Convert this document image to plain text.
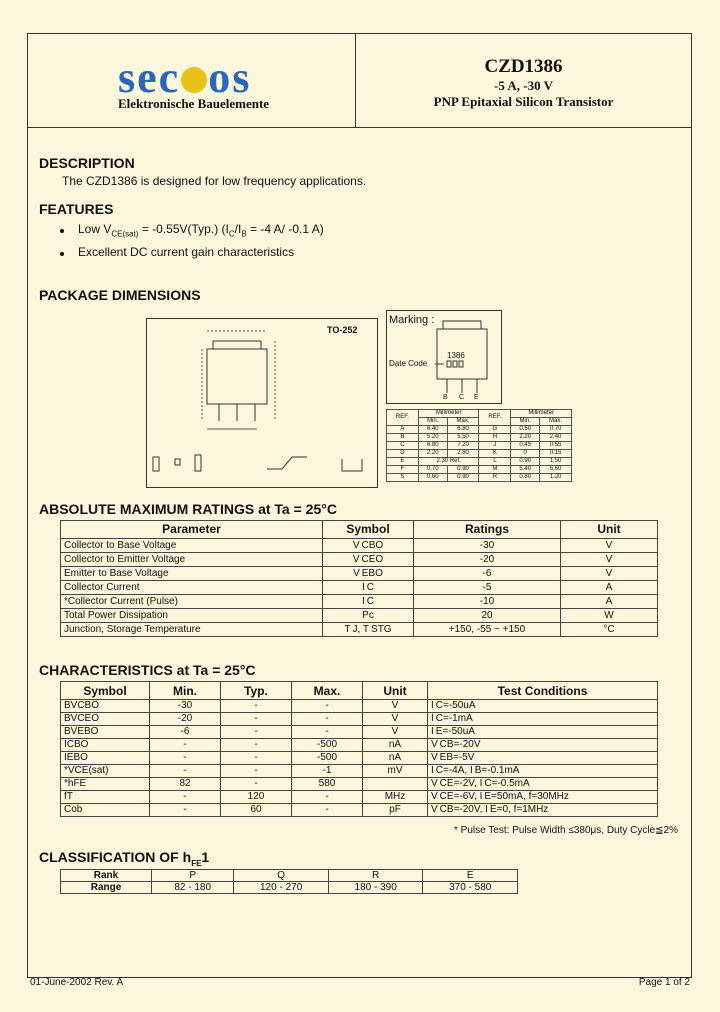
sec os
Elektronische Bauelemente
CZD1386
-5 A, -30 V
PNP Epitaxial Silicon Transistor
DESCRIPTION
The CZD1386 is designed for low frequency applications.
FEATURES
Low $V_{CE(sat)} = -0.55V(Typ.) (I_C/I_B = -4$ A/ -0.1 A)
Excellent DC current gain characteristics
PACKAGE DIMENSIONS
TO-252
Marking :
1386
Date Code
B C E
REF.	Millimeter		REF.	Millimeter	
	Min.	Max.		Min.	Max.
A	6.40	6.80	G	0.50	0.70
B	5.20	5.50	H	2.20	2.40
C	6.80	7.20	J	0.45	0.55
D	2.20	2.80	K	0	0.15
E	2.30 Ref.		L	0.90	1.50
F	0.70	0.90	M	5.40	5.60
S	0.60	0.90	R	0.80	1.20
ABSOLUTE MAXIMUM RATINGS at Ta = 25°C
Parameter	Symbol	Ratings	Unit
Collector to Base Voltage	V CBO	-30	V
Collector to Emitter Voltage	V CEO	-20	V
Emitter to Base Voltage	V EBO	-6	V
Collector Current	I C	-5	A
*Collector Current (Pulse)	I C	-10	A
Total Power Dissipation	Pc	20	W
Junction, Storage Temperature	T J, T STG	+150, -55 ~ +150	°C
CHARACTERISTICS at Ta = 25°C
Symbol	Min.	Typ.	Max.	Unit	Test Conditions
BVCBO	-30	-	-	V	I C=-50uA
BVCEO	-20	-	-	V	I C=-1mA
BVEBO	-6	-	-	V	I E=-50uA
ICBO	-	-	-500	nA	V CB=-20V
IEBO	-	-	-500	nA	V EB=-5V
*VCE(sat)	-	-	-1	mV	I C=-4A, I B=-0.1mA
*hFE	82	-	580		V CE=-2V, I C=-0.5mA
fT	-	120	-	MHz	V CE=-6V, I E=50mA, f=30MHz
Cob	-	60	-	pF	V CB=-20V, I E=0, f=1MHz
* Pulse Test: Pulse Width ≤380μs, Duty Cycle≦2%
CLASSIFICATION OF $h_{FE}1$
Rank	P	Q	R	E
Range	82 - 180	120 - 270	180 - 390	370 - 580
01-June-2002 Rev. A	Page 1 of 2
